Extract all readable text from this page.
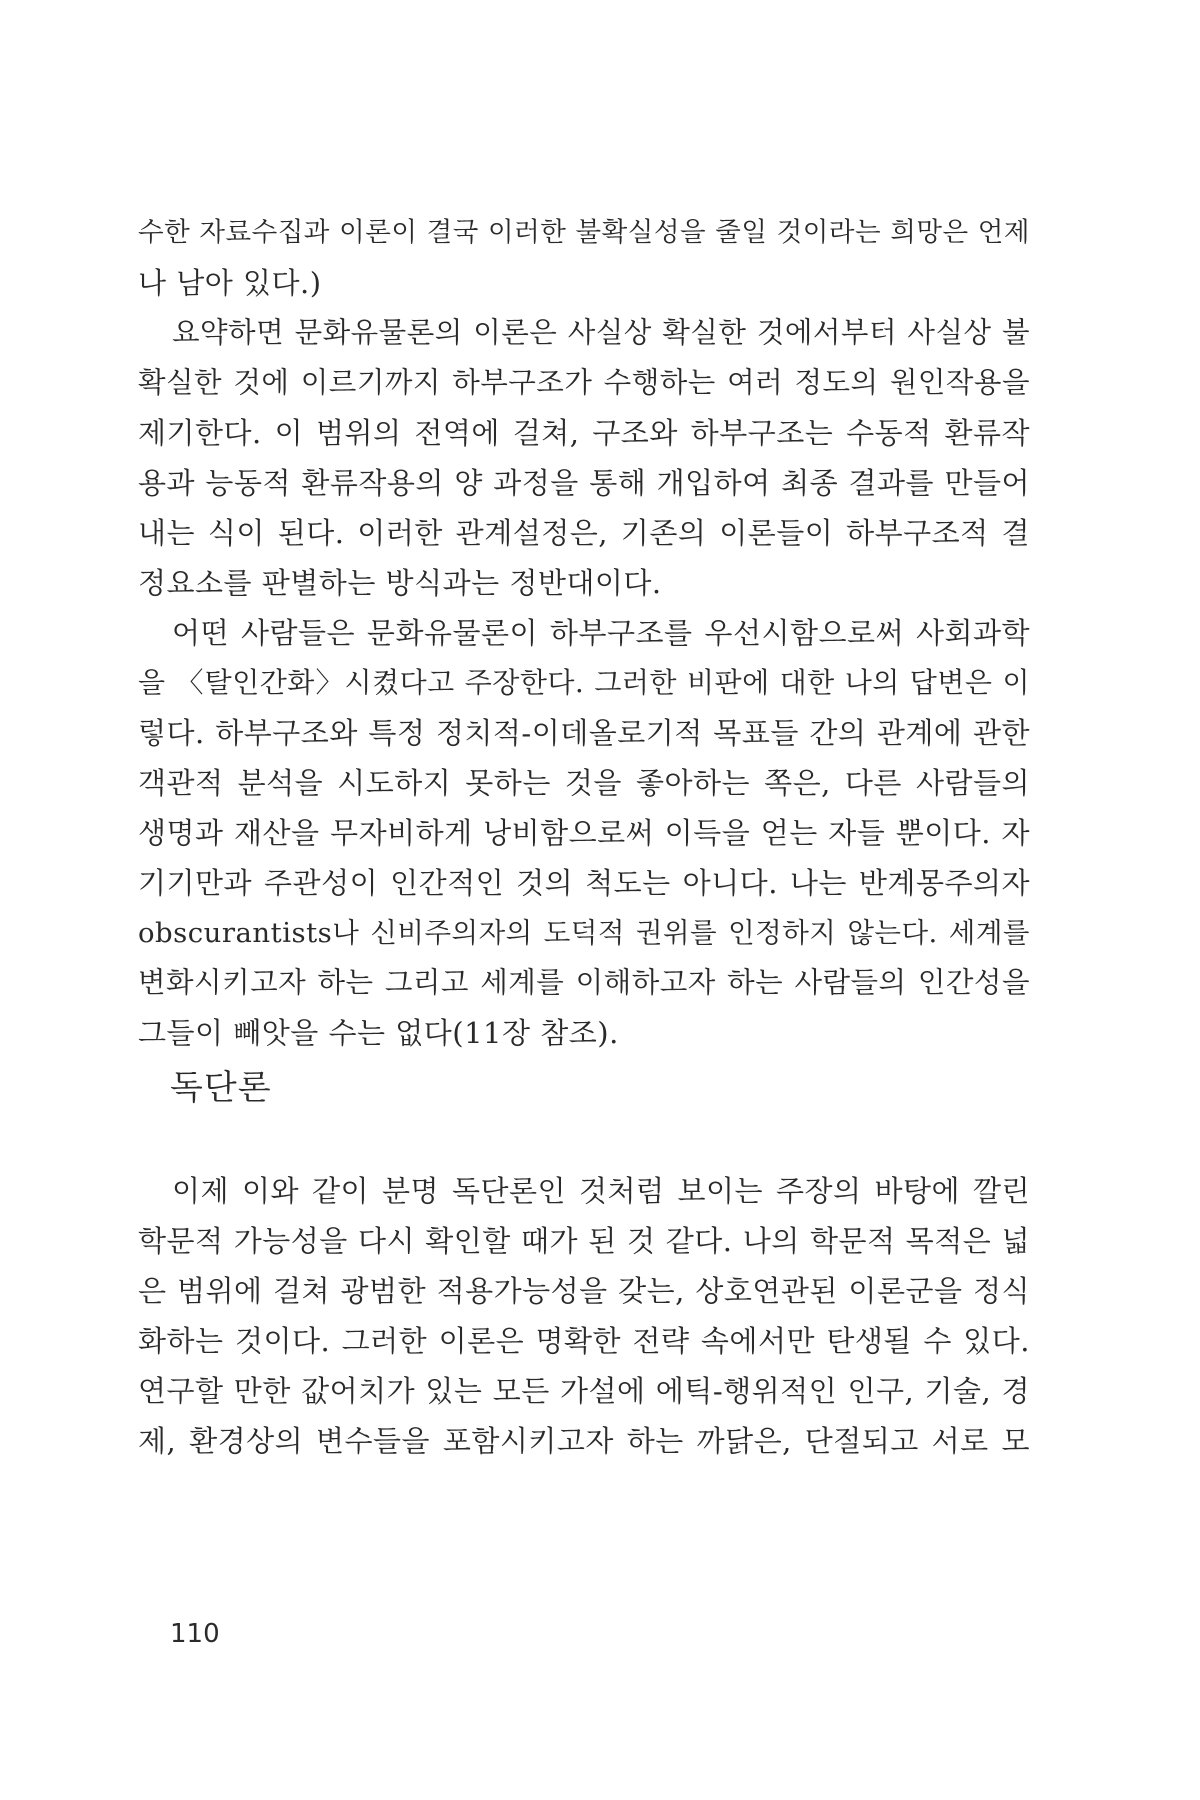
수한 자료수집과 이론이 결국 이러한 불확실성을 줄일 것이라는 희망은 언제
나 남아 있다.)
요약하면 문화유물론의 이론은 사실상 확실한 것에서부터 사실상 불
확실한 것에 이르기까지 하부구조가 수행하는 여러 정도의 원인작용을
제기한다. 이 범위의 전역에 걸쳐, 구조와 하부구조는 수동적 환류작
용과 능동적 환류작용의 양 과정을 통해 개입하여 최종 결과를 만들어
내는 식이 된다. 이러한 관계설정은, 기존의 이론들이 하부구조적 결
정요소를 판별하는 방식과는 정반대이다.
어떤 사람들은 문화유물론이 하부구조를 우선시함으로써 사회과학
을 〈탈인간화〉시켰다고 주장한다. 그러한 비판에 대한 나의 답변은 이
렇다. 하부구조와 특정 정치적-이데올로기적 목표들 간의 관계에 관한
객관적 분석을 시도하지 못하는 것을 좋아하는 쪽은, 다른 사람들의
생명과 재산을 무자비하게 낭비함으로써 이득을 얻는 자들 뿐이다. 자
기기만과 주관성이 인간적인 것의 척도는 아니다. 나는 반계몽주의자
obscurantists나 신비주의자의 도덕적 권위를 인정하지 않는다. 세계를
변화시키고자 하는 그리고 세계를 이해하고자 하는 사람들의 인간성을
그들이 빼앗을 수는 없다(11장 참조).
독단론
이제 이와 같이 분명 독단론인 것처럼 보이는 주장의 바탕에 깔린
학문적 가능성을 다시 확인할 때가 된 것 같다. 나의 학문적 목적은 넓
은 범위에 걸쳐 광범한 적용가능성을 갖는, 상호연관된 이론군을 정식
화하는 것이다. 그러한 이론은 명확한 전략 속에서만 탄생될 수 있다.
연구할 만한 값어치가 있는 모든 가설에 에틱-행위적인 인구, 기술, 경
제, 환경상의 변수들을 포함시키고자 하는 까닭은, 단절되고 서로 모
110
